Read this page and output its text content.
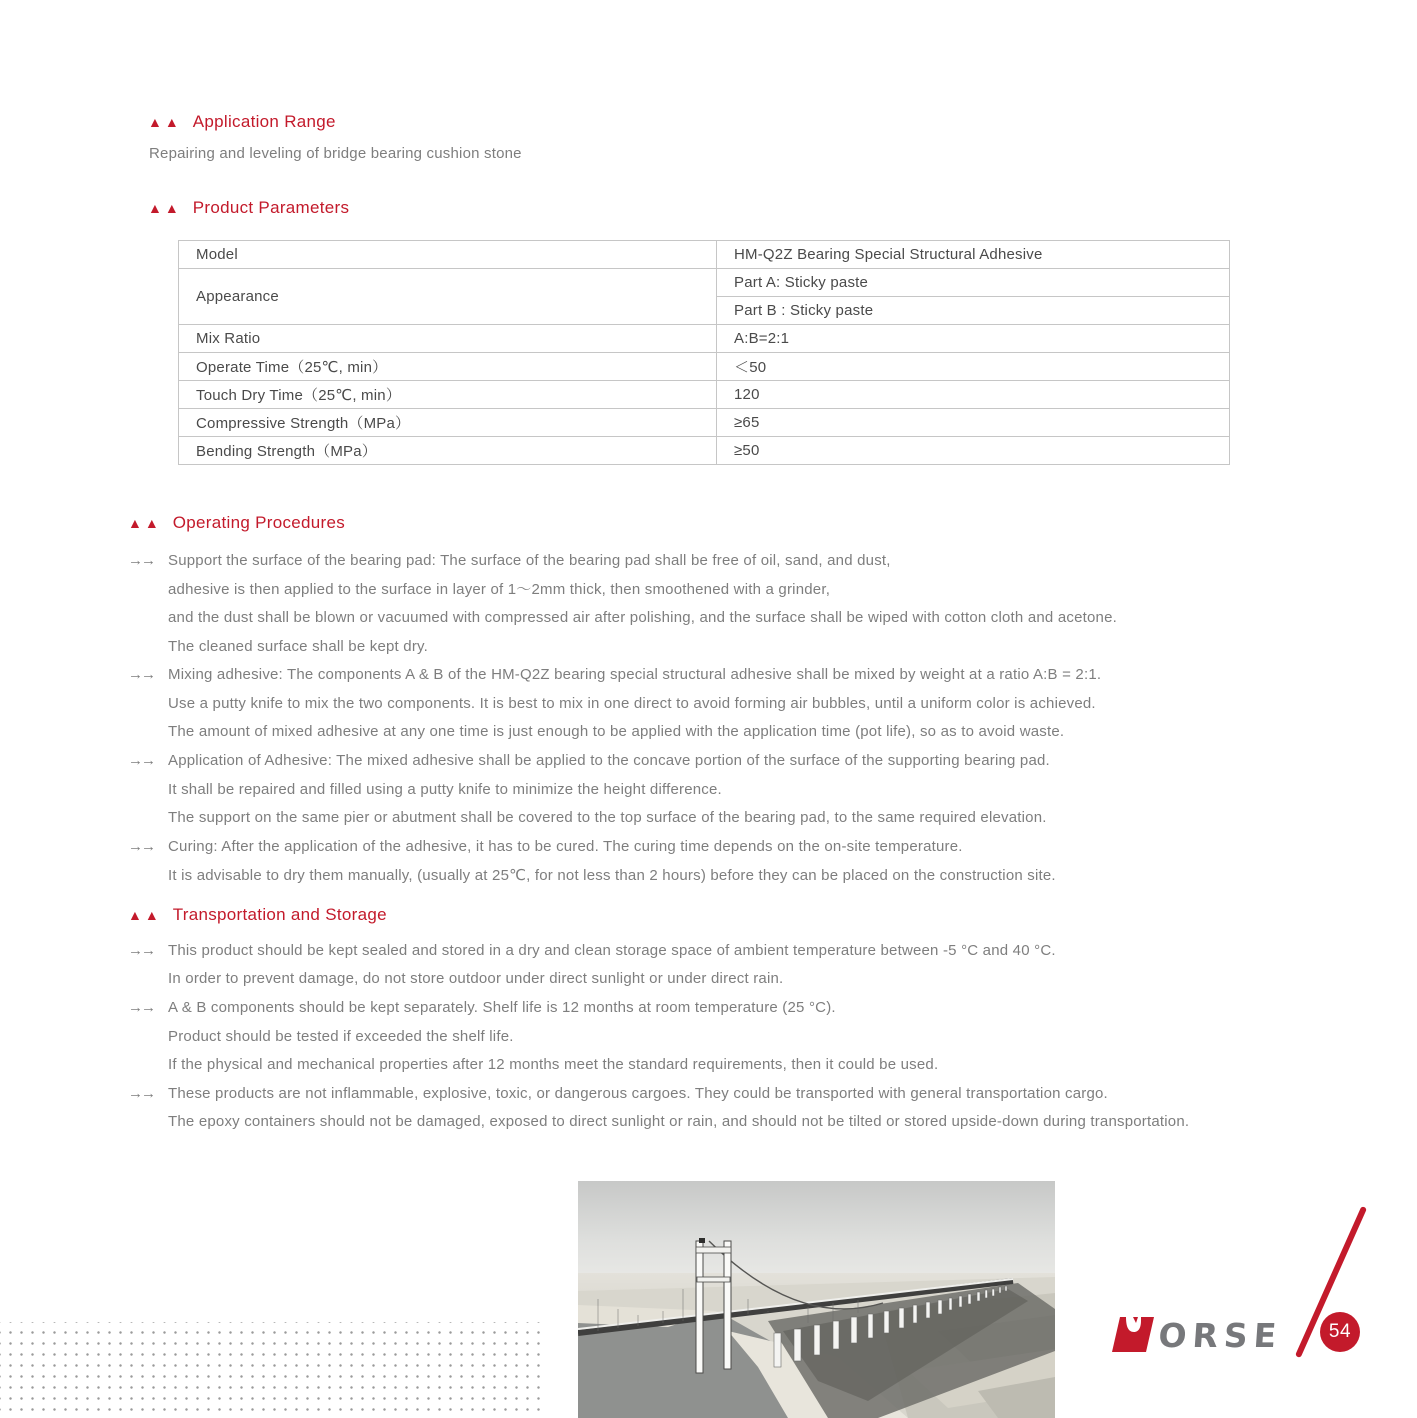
▲▲ Application Range
Repairing and leveling of bridge bearing cushion stone
▲▲ Product Parameters
Model	HM-Q2Z Bearing Special Structural Adhesive
Appearance	Part A: Sticky paste
	Part B : Sticky paste
Mix Ratio	A:B=2:1
Operate Time（25℃, min）	＜50
Touch Dry Time（25℃, min）	120
Compressive Strength（MPa）	≥65
Bending Strength（MPa）	≥50
▲▲ Operating Procedures
→→ Support the surface of the bearing pad: The surface of the bearing pad shall be free of oil, sand, and dust,
adhesive is then applied to the surface in layer of 1～2mm thick, then smoothened with a grinder,
and the dust shall be blown or vacuumed with compressed air after polishing, and the surface shall be wiped with cotton cloth and acetone.
The cleaned surface shall be kept dry.
→→ Mixing adhesive: The components A & B of the HM-Q2Z bearing special structural adhesive shall be mixed by weight at a ratio A:B = 2:1.
Use a putty knife to mix the two components. It is best to mix in one direct to avoid forming air bubbles, until a uniform color is achieved.
The amount of mixed adhesive at any one time is just enough to be applied with the application time (pot life), so as to avoid waste.
→→ Application of Adhesive: The mixed adhesive shall be applied to the concave portion of the surface of the supporting bearing pad.
It shall be repaired and filled using a putty knife to minimize the height difference.
The support on the same pier or abutment shall be covered to the top surface of the bearing pad, to the same required elevation.
→→ Curing: After the application of the adhesive, it has to be cured. The curing time depends on the on-site temperature.
It is advisable to dry them manually, (usually at 25℃, for not less than 2 hours) before they can be placed on the construction site.
▲▲ Transportation and Storage
→→ This product should be kept sealed and stored in a dry and clean storage space of ambient temperature between -5 °C and 40 °C.
In order to prevent damage, do not store outdoor under direct sunlight or under direct rain.
→→ A & B components should be kept separately. Shelf life is 12 months at room temperature (25 °C).
Product should be tested if exceeded the shelf life.
If the physical and mechanical properties after 12 months meet the standard requirements, then it could be used.
→→ These products are not inflammable, explosive, toxic, or dangerous cargoes. They could be transported with general transportation cargo.
The epoxy containers should not be damaged, exposed to direct sunlight or rain, and should not be tilted or stored upside-down during transportation.
ORSE	54
